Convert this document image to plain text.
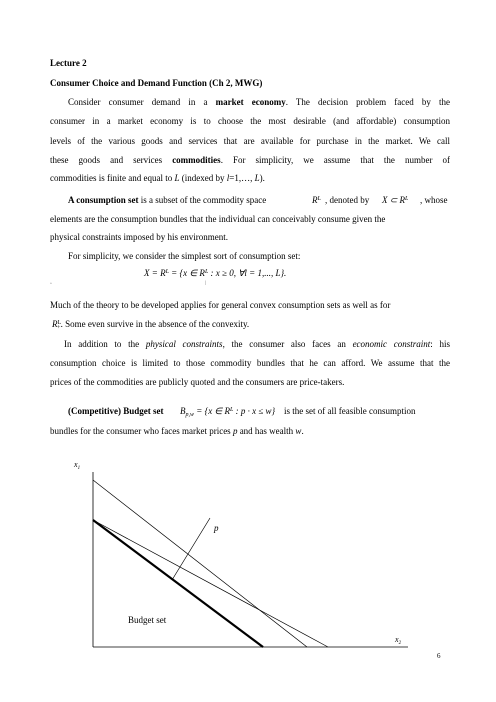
Lecture 2
Consumer Choice and Demand Function (Ch 2, MWG)
Consider consumer demand in a market economy. The decision problem faced by the
consumer in a market economy is to choose the most desirable (and affordable) consumption
levels of the various goods and services that are available for purchase in the market. We call
these goods and services commodities. For simplicity, we assume that the number of
commodities is finite and equal to L (indexed by l=1,…, L).
A consumption set is a subset of the commodity space	$R^L$ , denoted by X ⊂ $R^L$ , whose
elements are the consumption bundles that the individual can conceivably consume given the
physical constraints imposed by his environment.
For simplicity, we consider the simplest sort of consumption set:
$X = R^L = \{x$ ∈ $R^L$ : x ≥ 0, ∀l = 1,..., L}.
▫	|
Much of the theory to be developed applies for general convex consumption sets as well as for
$R^L_+$. Some even survive in the absence of the convexity.
In addition to the physical constraints, the consumer also faces an economic constraint: his
consumption choice is limited to those commodity bundles that he can afford. We assume that the
prices of the commodities are publicly quoted and the consumers are price-takers.
(Competitive) Budget set $B_{p,w} = \{x$ ∈ $R^L$ : p · x ≤ w} is the set of all feasible consumption
bundles for the consumer who faces market prices p and has wealth w.
$x_1$
$x_2$
p
Budget set
6
